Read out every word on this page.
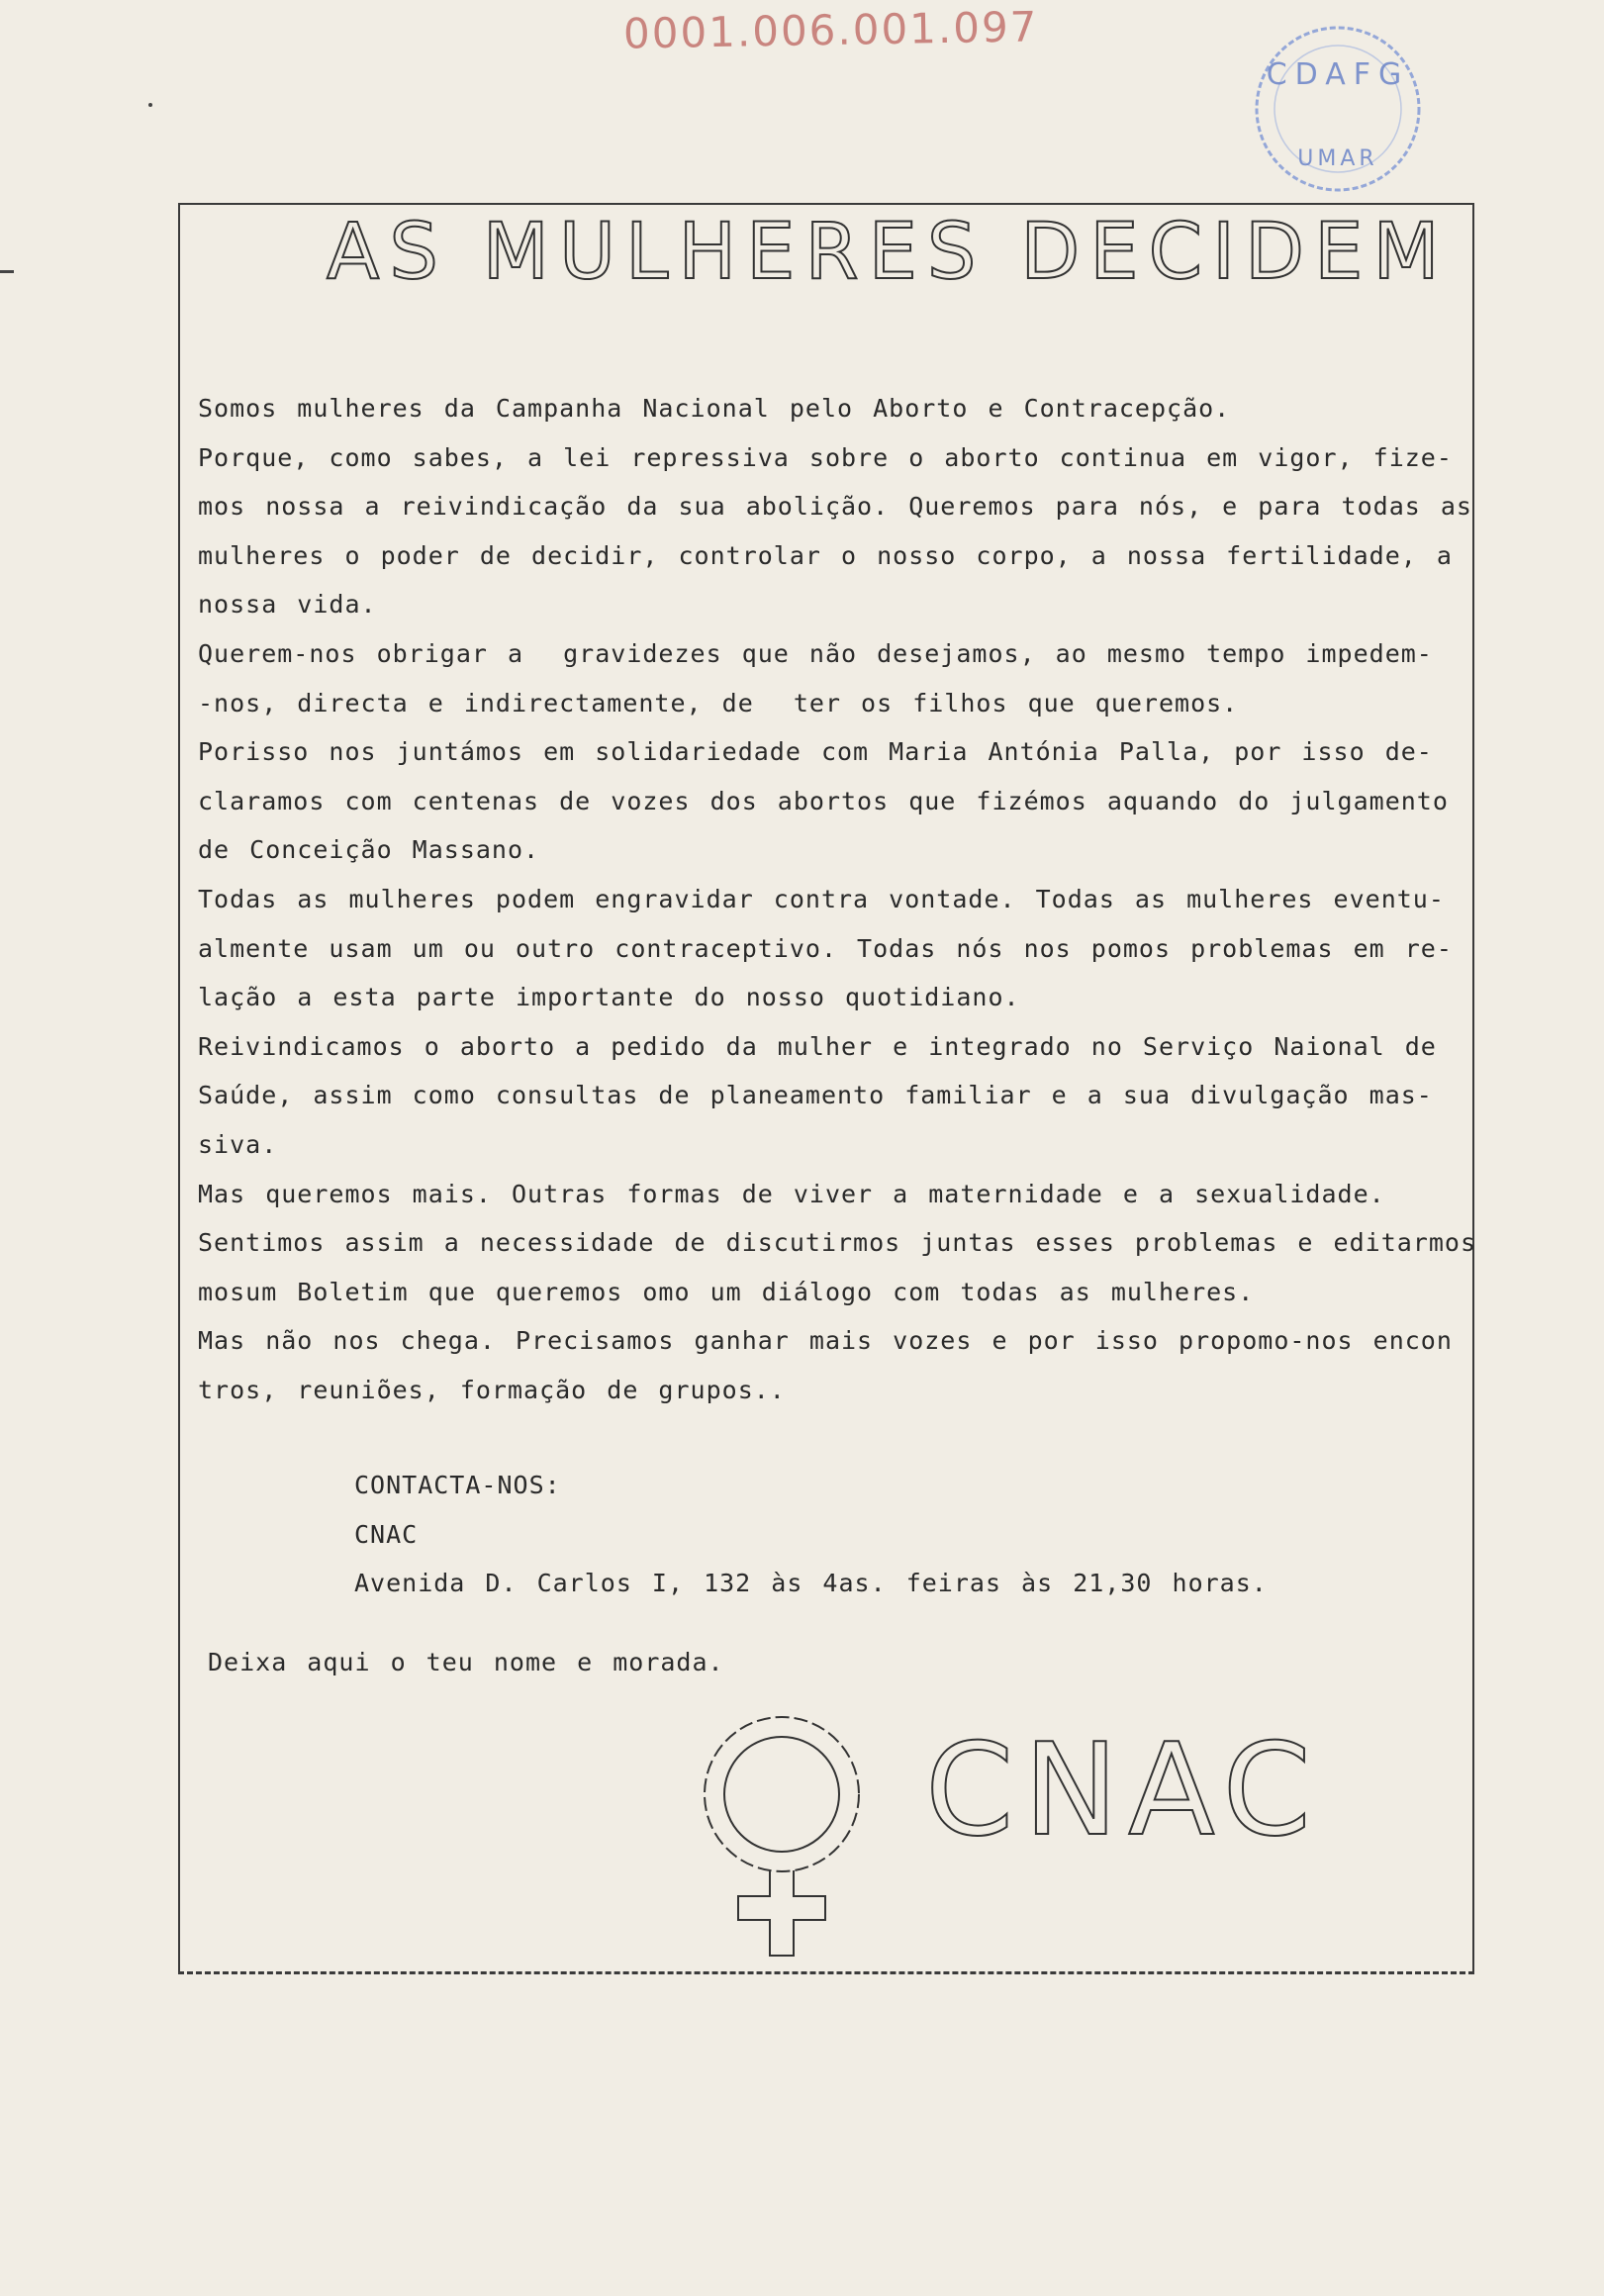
0001.006.001.097
CDAFG
UMAR
AS MULHERES DECIDEM

Somos mulheres da Campanha Nacional pelo Aborto e Contracepção.

Porque, como sabes, a lei repressiva sobre o aborto continua em vigor, fize-

mos nossa a reivindicação da sua abolição. Queremos para nós, e para todas as

mulheres o poder de decidir, controlar o nosso corpo, a nossa fertilidade, a

nossa vida.

Querem-nos obrigar a  gravidezes que não desejamos, ao mesmo tempo impedem-

-nos, directa e indirectamente, de  ter os filhos que queremos.

Porisso nos juntámos em solidariedade com Maria Antónia Palla, por isso de-

claramos com centenas de vozes dos abortos que fizémos aquando do julgamento

de Conceição Massano.

Todas as mulheres podem engravidar contra vontade. Todas as mulheres eventu-

almente usam um ou outro contraceptivo. Todas nós nos pomos problemas em re-

lação a esta parte importante do nosso quotidiano.

Reivindicamos o aborto a pedido da mulher e integrado no Serviço Naional de

Saúde, assim como consultas de planeamento familiar e a sua divulgação mas-

siva.

Mas queremos mais. Outras formas de viver a maternidade e a sexualidade.

Sentimos assim a necessidade de discutirmos juntas esses problemas e editarmos

mosum Boletim que queremos omo um diálogo com todas as mulheres.

Mas não nos chega. Precisamos ganhar mais vozes e por isso propomo-nos encon

tros, reuniões, formação de grupos..

CONTACTA-NOS:
CNAC
Avenida D. Carlos I, 132 às 4as. feiras às 21,30 horas.
Deixa aqui o teu nome e morada.
CNAC
